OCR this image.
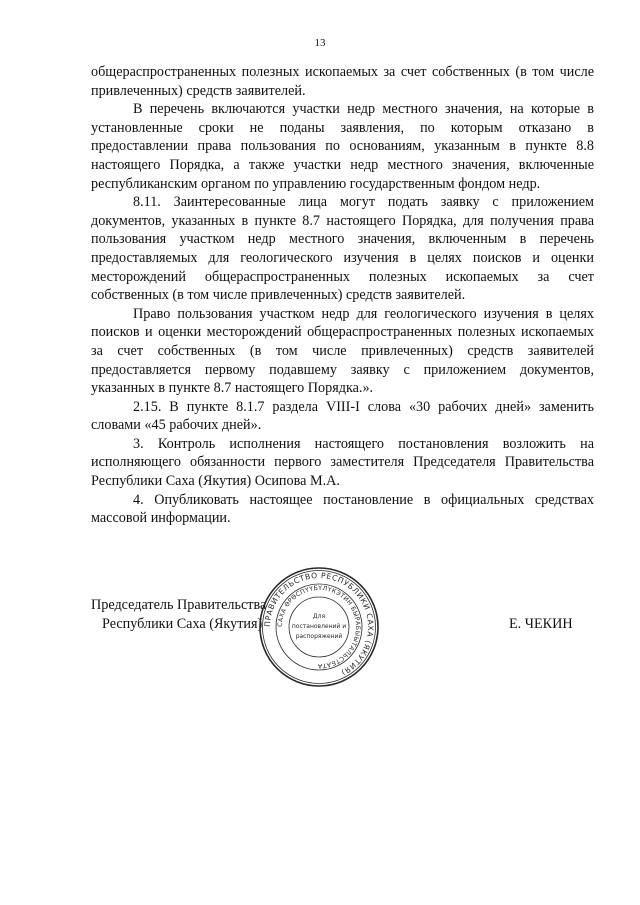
13

общераспространенных полезных ископаемых за счет собственных (в том числе привлеченных) средств заявителей.

В перечень включаются участки недр местного значения, на которые в установленные сроки не поданы заявления, по которым отказано в предоставлении права пользования по основаниям, указанным в пункте 8.8 настоящего Порядка, а также участки недр местного значения, включенные республиканским органом по управлению государственным фондом недр.

8.11. Заинтересованные лица могут подать заявку с приложением документов, указанных в пункте 8.7 настоящего Порядка, для получения права пользования участком недр местного значения, включенным в перечень предоставляемых для геологического изучения в целях поисков и оценки месторождений общераспространенных полезных ископаемых за счет собственных (в том числе привлеченных) средств заявителей.

Право пользования участком недр для геологического изучения в целях поисков и оценки месторождений общераспространенных полезных ископаемых за счет собственных (в том числе привлеченных) средств заявителей предоставляется первому подавшему заявку с приложением документов, указанных в пункте 8.7 настоящего Порядка.».

2.15. В пункте 8.1.7 раздела VIII-I слова «30 рабочих дней» заменить словами «45 рабочих дней».

3. Контроль исполнения настоящего постановления возложить на исполняющего обязанности первого заместителя Председателя Правительства Республики Саха (Якутия) Осипова М.А.

4. Опубликовать настоящее постановление в официальных средствах массовой информации.

Председатель Правительства
Республики Саха (Якутия)	Е. ЧЕКИН
ПРАВИТЕЛЬСТВО РЕСПУБЛИКИ САХА (ЯКУТИЯ)
САХА ӨРӨСПҮҮБҮЛҮКЭТИН БЫРАБЫЫТАЛЬСТБАТА
Для
постановлений и
распоряжений
